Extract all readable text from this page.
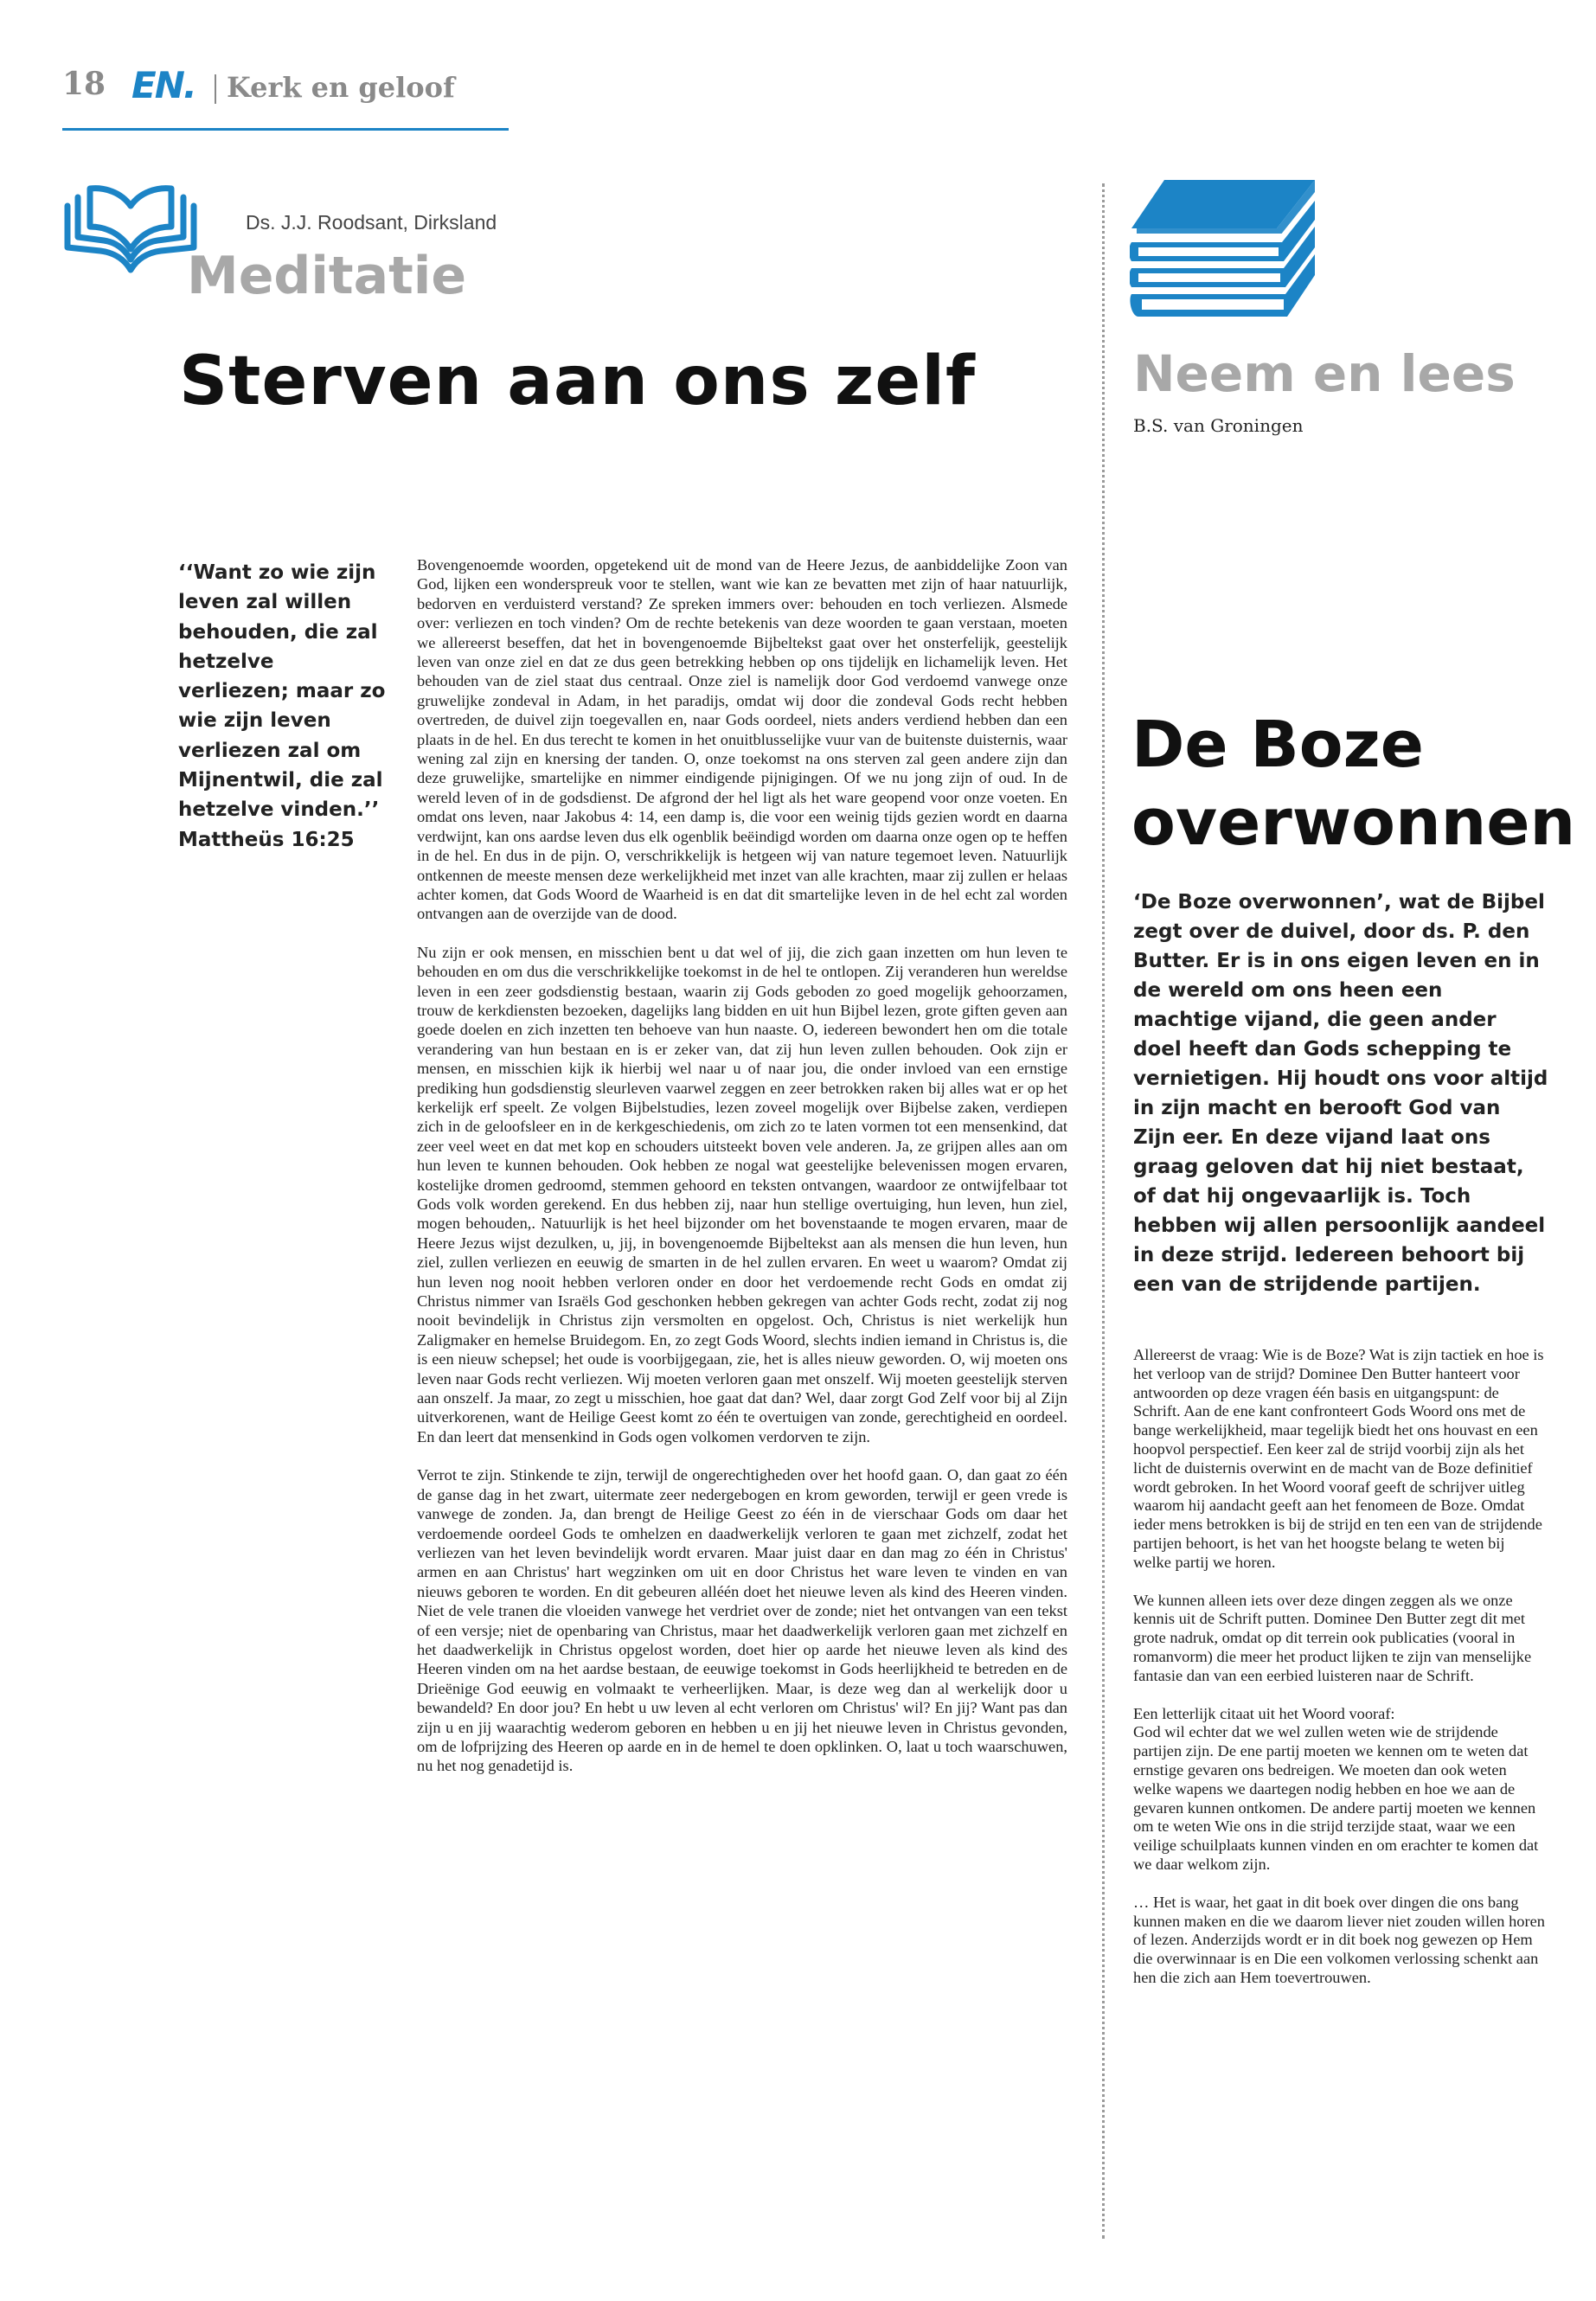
18 EN. Kerk en geloof
Ds. J.J. Roodsant, Dirksland
Meditatie
Sterven aan ons zelf
‘‘Want zo wie zijn leven zal willen behouden, die zal hetzelve verliezen; maar zo wie zijn leven verliezen zal om Mijnentwil, die zal hetzelve vinden.’’
Mattheüs 16:25

Bovengenoemde woorden, opgetekend uit de mond van de Heere Jezus, de aanbiddelijke Zoon van God, lijken een wonderspreuk voor te stellen, want wie kan ze bevatten met zijn of haar natuurlijk, bedorven en verduisterd verstand? Ze spreken immers over: behouden en toch verliezen. Alsmede over: verliezen en toch vinden? Om de rechte betekenis van deze woorden te gaan verstaan, moeten we allereerst beseffen, dat het in bovengenoemde Bijbeltekst gaat over het onsterfelijk, geestelijk leven van onze ziel en dat ze dus geen betrekking hebben op ons tijdelijk en lichamelijk leven. Het behouden van de ziel staat dus centraal. Onze ziel is namelijk door God verdoemd vanwege onze gruwelijke zondeval in Adam, in het paradijs, omdat wij door die zondeval Gods recht hebben overtreden, de duivel zijn toegevallen en, naar Gods oordeel, niets anders verdiend hebben dan een plaats in de hel. En dus terecht te komen in het onuitblusselijke vuur van de buitenste duisternis, waar wening zal zijn en knersing der tanden. O, onze toekomst na ons sterven zal geen andere zijn dan deze gruwelijke, smartelijke en nimmer eindigende pijnigingen. Of we nu jong zijn of oud. In de wereld leven of in de godsdienst. De afgrond der hel ligt als het ware geopend voor onze voeten. En omdat ons leven, naar Jakobus 4: 14, een damp is, die voor een weinig tijds gezien wordt en daarna verdwijnt, kan ons aardse leven dus elk ogenblik beëindigd worden om daarna onze ogen op te heffen in de hel. En dus in de pijn. O, verschrikkelijk is hetgeen wij van nature tegemoet leven. Natuurlijk ontkennen de meeste mensen deze werkelijkheid met inzet van alle krachten, maar zij zullen er helaas achter komen, dat Gods Woord de Waarheid is en dat dit smartelijke leven in de hel echt zal worden ontvangen aan de overzijde van de dood.

Nu zijn er ook mensen, en misschien bent u dat wel of jij, die zich gaan inzetten om hun leven te behouden en om dus die verschrikkelijke toekomst in de hel te ontlopen. Zij veranderen hun wereldse leven in een zeer godsdienstig bestaan, waarin zij Gods geboden zo goed mogelijk gehoorzamen, trouw de kerkdiensten bezoeken, dagelijks lang bidden en uit hun Bijbel lezen, grote giften geven aan goede doelen en zich inzetten ten behoeve van hun naaste. O, iedereen bewondert hen om die totale verandering van hun bestaan en is er zeker van, dat zij hun leven zullen behouden. Ook zijn er mensen, en misschien kijk ik hierbij wel naar u of naar jou, die onder invloed van een ernstige prediking hun godsdienstig sleurleven vaarwel zeggen en zeer betrokken raken bij alles wat er op het kerkelijk erf speelt. Ze volgen Bijbelstudies, lezen zoveel mogelijk over Bijbelse zaken, verdiepen zich in de geloofsleer en in de kerkgeschiedenis, om zich zo te laten vormen tot een mensenkind, dat zeer veel weet en dat met kop en schouders uitsteekt boven vele anderen. Ja, ze grijpen alles aan om hun leven te kunnen behouden. Ook hebben ze nogal wat geestelijke belevenissen mogen ervaren, kostelijke dromen gedroomd, stemmen gehoord en teksten ontvangen, waardoor ze ontwijfelbaar tot Gods volk worden gerekend. En dus hebben zij, naar hun stellige overtuiging, hun leven, hun ziel, mogen behouden,. Natuurlijk is het heel bijzonder om het bovenstaande te mogen ervaren, maar de Heere Jezus wijst dezulken, u, jij, in bovengenoemde Bijbeltekst aan als mensen die hun leven, hun ziel, zullen verliezen en eeuwig de smarten in de hel zullen ervaren. En weet u waarom? Omdat zij hun leven nog nooit hebben verloren onder en door het verdoemende recht Gods en omdat zij Christus nimmer van Israëls God geschonken hebben gekregen van achter Gods recht, zodat zij nog nooit bevindelijk in Christus zijn versmolten en opgelost. Och, Christus is niet werkelijk hun Zaligmaker en hemelse Bruidegom. En, zo zegt Gods Woord, slechts indien iemand in Christus is, die is een nieuw schepsel; het oude is voorbijgegaan, zie, het is alles nieuw geworden. O, wij moeten ons leven naar Gods recht verliezen. Wij moeten verloren gaan met onszelf. Wij moeten geestelijk sterven aan onszelf. Ja maar, zo zegt u misschien, hoe gaat dat dan? Wel, daar zorgt God Zelf voor bij al Zijn uitverkorenen, want de Heilige Geest komt zo één te overtuigen van zonde, gerechtigheid en oordeel. En dan leert dat mensenkind in Gods ogen volkomen verdorven te zijn.

Verrot te zijn. Stinkende te zijn, terwijl de ongerechtigheden over het hoofd gaan. O, dan gaat zo één de ganse dag in het zwart, uitermate zeer nedergebogen en krom geworden, terwijl er geen vrede is vanwege de zonden. Ja, dan brengt de Heilige Geest zo één in de vierschaar Gods om daar het verdoemende oordeel Gods te omhelzen en daadwerkelijk verloren te gaan met zichzelf, zodat het verliezen van het leven bevindelijk wordt ervaren. Maar juist daar en dan mag zo één in Christus' armen en aan Christus' hart wegzinken om uit en door Christus het ware leven te vinden en van nieuws geboren te worden. En dit gebeuren alléén doet het nieuwe leven als kind des Heeren vinden. Niet de vele tranen die vloeiden vanwege het verdriet over de zonde; niet het ontvangen van een tekst of een versje; niet de openbaring van Christus, maar het daadwerkelijk verloren gaan met zichzelf en het daadwerkelijk in Christus opgelost worden, doet hier op aarde het nieuwe leven als kind des Heeren vinden om na het aardse bestaan, de eeuwige toekomst in Gods heerlijkheid te betreden en de Drieënige God eeuwig en volmaakt te verheerlijken. Maar, is deze weg dan al werkelijk door u bewandeld? En door jou? En hebt u uw leven al echt verloren om Christus' wil? En jij? Want pas dan zijn u en jij waarachtig wederom geboren en hebben u en jij het nieuwe leven in Christus gevonden, om de lofprijzing des Heeren op aarde en in de hemel te doen opklinken. O, laat u toch waarschuwen, nu het nog genadetijd is.

Neem en lees
B.S. van Groningen
De Boze overwonnen
‘De Boze overwonnen’, wat de Bijbel zegt over de duivel, door ds. P. den Butter. Er is in ons eigen leven en in de wereld om ons heen een machtige vijand, die geen ander doel heeft dan Gods schepping te vernietigen. Hij houdt ons voor altijd in zijn macht en berooft God van Zijn eer. En deze vijand laat ons graag geloven dat hij niet bestaat, of dat hij ongevaarlijk is. Toch hebben wij allen persoonlijk aandeel in deze strijd. Iedereen behoort bij een van de strijdende partijen.

Allereerst de vraag: Wie is de Boze? Wat is zijn tactiek en hoe is het verloop van de strijd? Dominee Den Butter hanteert voor antwoorden op deze vragen één basis en uitgangspunt: de Schrift. Aan de ene kant confronteert Gods Woord ons met de bange werkelijkheid, maar tegelijk biedt het ons houvast en een hoopvol perspectief. Een keer zal de strijd voorbij zijn als het licht de duisternis overwint en de macht van de Boze definitief wordt gebroken. In het Woord vooraf geeft de schrijver uitleg waarom hij aandacht geeft aan het fenomeen de Boze. Omdat ieder mens betrokken is bij de strijd en ten een van de strijdende partijen behoort, is het van het hoogste belang te weten bij welke partij we horen.

We kunnen alleen iets over deze dingen zeggen als we onze kennis uit de Schrift putten. Dominee Den Butter zegt dit met grote nadruk, omdat op dit terrein ook publicaties (vooral in romanvorm) die meer het product lijken te zijn van menselijke fantasie dan van een eerbied luisteren naar de Schrift.

Een letterlijk citaat uit het Woord vooraf:

God wil echter dat we wel zullen weten wie de strijdende partijen zijn. De ene partij moeten we kennen om te weten dat ernstige gevaren ons bedreigen. We moeten dan ook weten welke wapens we daartegen nodig hebben en hoe we aan de gevaren kunnen ontkomen. De andere partij moeten we kennen om te weten Wie ons in die strijd terzijde staat, waar we een veilige schuilplaats kunnen vinden en om erachter te komen dat we daar welkom zijn.

… Het is waar, het gaat in dit boek over dingen die ons bang kunnen maken en die we daarom liever niet zouden willen horen of lezen. Anderzijds wordt er in dit boek nog gewezen op Hem die overwinnaar is en Die een volkomen verlossing schenkt aan hen die zich aan Hem toevertrouwen.
